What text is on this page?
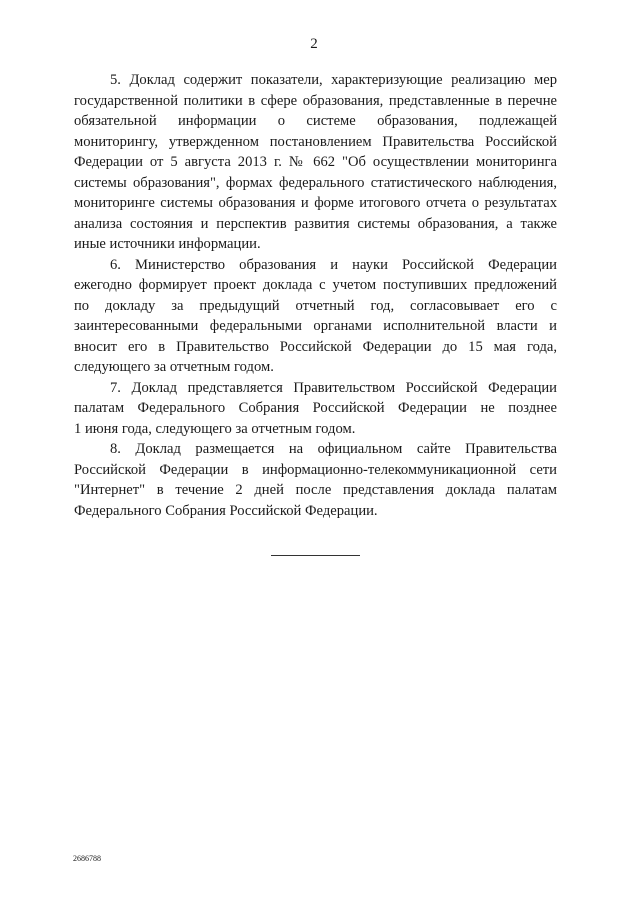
2

5. Доклад содержит показатели, характеризующие реализацию мер
государственной политики в сфере образования, представленные в перечне
обязательной информации о системе образования, подлежащей
мониторингу, утвержденном постановлением Правительства Российской
Федерации от 5 августа 2013 г. № 662 "Об осуществлении мониторинга
системы образования", формах федерального статистического наблюдения,
мониторинге системы образования и форме итогового отчета о результатах
анализа состояния и перспектив развития системы образования, а также
иные источники информации.

6. Министерство образования и науки Российской Федерации
ежегодно формирует проект доклада с учетом поступивших предложений
по докладу за предыдущий отчетный год, согласовывает его с
заинтересованными федеральными органами исполнительной власти и
вносит его в Правительство Российской Федерации до 15 мая года,
следующего за отчетным годом.

7. Доклад представляется Правительством Российской Федерации
палатам Федерального Собрания Российской Федерации не позднее
1 июня года, следующего за отчетным годом.

8. Доклад размещается на официальном сайте Правительства
Российской Федерации в информационно-телекоммуникационной сети
"Интернет" в течение 2 дней после представления доклада палатам
Федерального Собрания Российской Федерации.

2686788
